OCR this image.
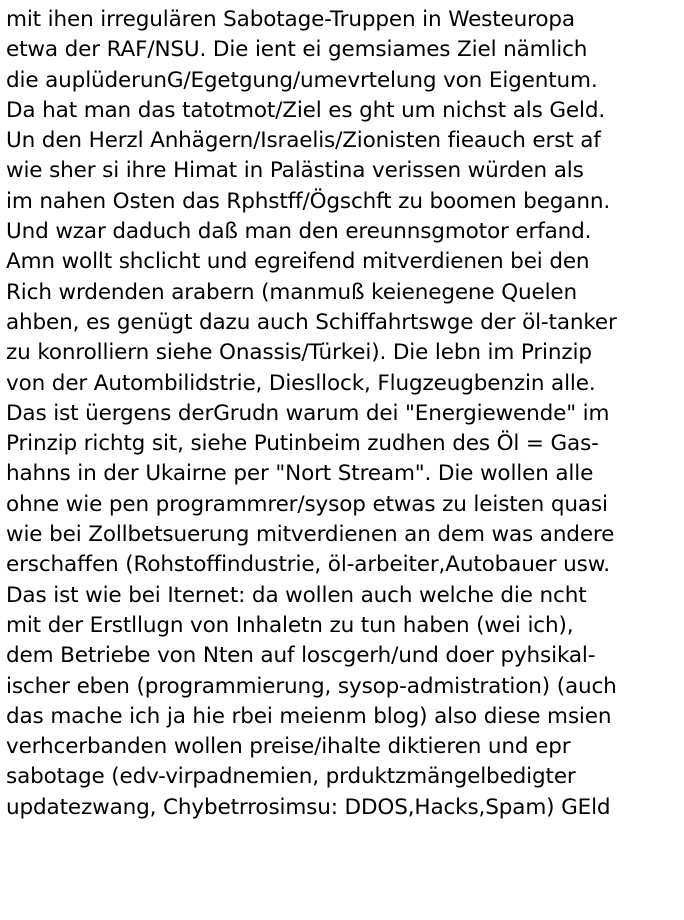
mit ihen irregulären Sabotage-Truppen in Westeuropa
etwa der RAF/NSU. Die ient ei gemsiames Ziel nämlich
die auplüderunG/Egetgung/umevrtelung von Eigentum.
Da hat man das tatotmot/Ziel es ght um nichst als Geld.
Un den Herzl Anhägern/Israelis/Zionisten fieauch erst af
wie sher si ihre Himat in Palästina verissen würden als
im nahen Osten das Rphstff/Ögschft zu boomen begann.
Und wzar daduch daß man den ereunnsgmotor erfand.
Amn wollt shclicht und egreifend mitverdienen bei den
Rich wrdenden arabern (manmuß keienegene Quelen
ahben, es genügt dazu auch Schiffahrtswge der öl-tanker
zu konrolliern siehe Onassis/Türkei). Die lebn im Prinzip
von der Autombilidstrie, Diesllock, Flugzeugbenzin alle.
Das ist üergens derGrudn warum dei "Energiewende" im
Prinzip richtg sit, siehe Putinbeim zudhen des Öl = Gas-
hahns in der Ukairne per "Nort Stream". Die wollen alle
ohne wie pen programmrer/sysop etwas zu leisten quasi
wie bei Zollbetsuerung mitverdienen an dem was andere
erschaffen (Rohstoffindustrie, öl-arbeiter,Autobauer usw.
Das ist wie bei Iternet: da wollen auch welche die ncht
mit der Erstllugn von Inhaletn zu tun haben (wei ich),
dem Betriebe von Nten auf loscgerh/und doer pyhsikal-
ischer eben (programmierung, sysop-admistration) (auch
das mache ich ja hie rbei meienm blog) also diese msien
verhcerbanden wollen preise/ihalte diktieren und epr
sabotage (edv-virpadnemien, prduktzmängelbedigter
updatezwang, Chybetrrosimsu: DDOS,Hacks,Spam) GEld
